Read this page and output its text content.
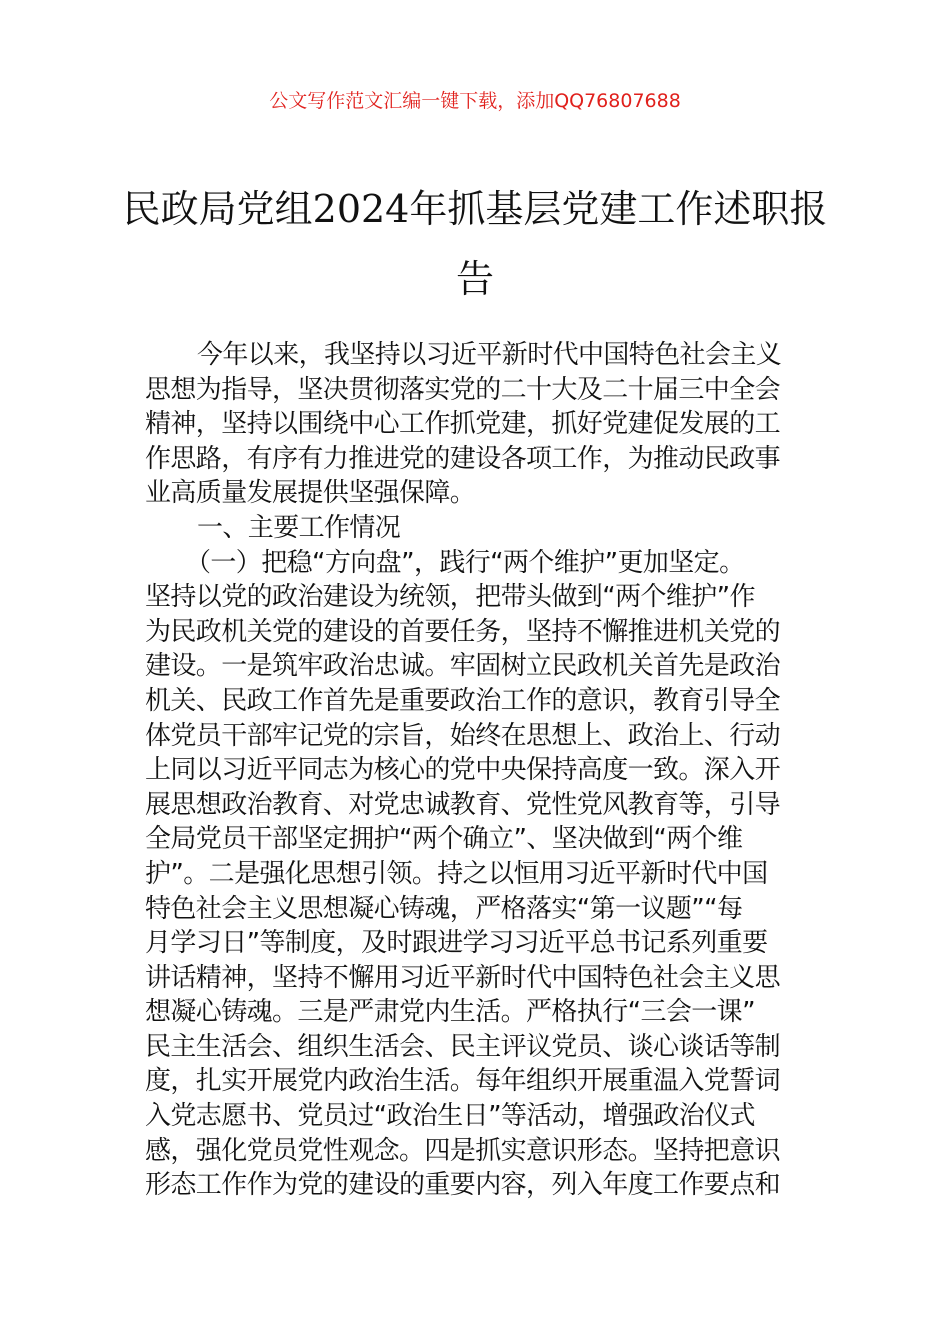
公文写作范文汇编一键下载，添加QQ76807688
民政局党组2024年抓基层党建工作述职报
告
今年以来，我坚持以习近平新时代中国特色社会主义
思想为指导，坚决贯彻落实党的二十大及二十届三中全会
精神，坚持以围绕中心工作抓党建，抓好党建促发展的工
作思路，有序有力推进党的建设各项工作，为推动民政事
业高质量发展提供坚强保障。
一、主要工作情况
（一）把稳“方向盘”，践行“两个维护”更加坚定。
坚持以党的政治建设为统领，把带头做到“两个维护”作
为民政机关党的建设的首要任务，坚持不懈推进机关党的
建设。一是筑牢政治忠诚。牢固树立民政机关首先是政治
机关、民政工作首先是重要政治工作的意识，教育引导全
体党员干部牢记党的宗旨，始终在思想上、政治上、行动
上同以习近平同志为核心的党中央保持高度一致。深入开
展思想政治教育、对党忠诚教育、党性党风教育等，引导
全局党员干部坚定拥护“两个确立”、坚决做到“两个维
护”。二是强化思想引领。持之以恒用习近平新时代中国
特色社会主义思想凝心铸魂，严格落实“第一议题”“每
月学习日”等制度，及时跟进学习习近平总书记系列重要
讲话精神，坚持不懈用习近平新时代中国特色社会主义思
想凝心铸魂。三是严肃党内生活。严格执行“三会一课”
民主生活会、组织生活会、民主评议党员、谈心谈话等制
度，扎实开展党内政治生活。每年组织开展重温入党誓词
入党志愿书、党员过“政治生日”等活动，增强政治仪式
感，强化党员党性观念。四是抓实意识形态。坚持把意识
形态工作作为党的建设的重要内容，列入年度工作要点和
